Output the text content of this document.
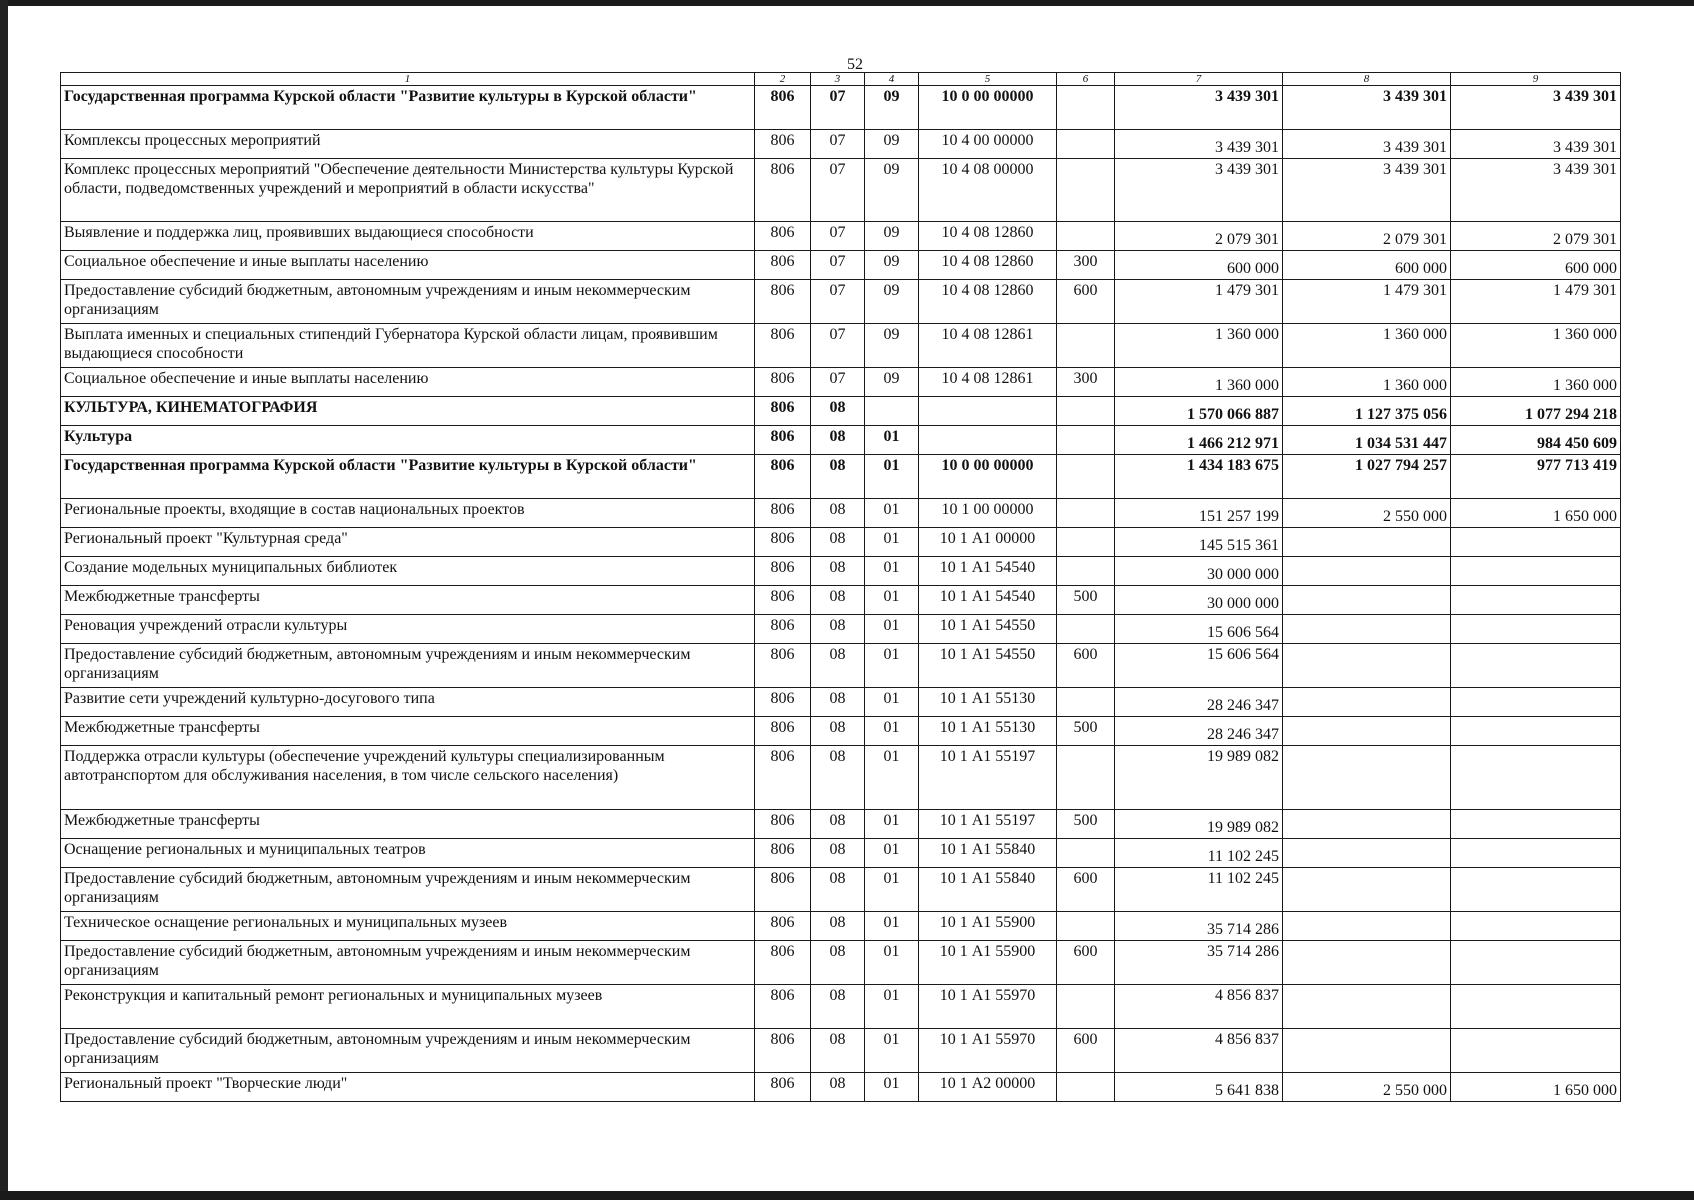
52
1	2	3	4	5	6	7	8	9
Государственная программа Курской области "Развитие культуры в Курской области"	806	07	09	10 0 00 00000		3 439 301	3 439 301	3 439 301
Комплексы процессных мероприятий	806	07	09	10 4 00 00000		3 439 301	3 439 301	3 439 301
Комплекс процессных мероприятий "Обеспечение деятельности Министерства культуры Курской области, подведомственных учреждений и мероприятий в области искусства"	806	07	09	10 4 08 00000		3 439 301	3 439 301	3 439 301
Выявление и поддержка лиц, проявивших выдающиеся способности	806	07	09	10 4 08 12860		2 079 301	2 079 301	2 079 301
Социальное обеспечение и иные выплаты населению	806	07	09	10 4 08 12860	300	600 000	600 000	600 000
Предоставление субсидий бюджетным, автономным учреждениям и иным некоммерческим организациям	806	07	09	10 4 08 12860	600	1 479 301	1 479 301	1 479 301
Выплата именных и специальных стипендий Губернатора Курской области лицам, проявившим выдающиеся способности	806	07	09	10 4 08 12861		1 360 000	1 360 000	1 360 000
Социальное обеспечение и иные выплаты населению	806	07	09	10 4 08 12861	300	1 360 000	1 360 000	1 360 000
КУЛЬТУРА, КИНЕМАТОГРАФИЯ	806	08				1 570 066 887	1 127 375 056	1 077 294 218
Культура	806	08	01			1 466 212 971	1 034 531 447	984 450 609
Государственная программа Курской области "Развитие культуры в Курской области"	806	08	01	10 0 00 00000		1 434 183 675	1 027 794 257	977 713 419
Региональные проекты, входящие в состав национальных проектов	806	08	01	10 1 00 00000		151 257 199	2 550 000	1 650 000
Региональный проект "Культурная среда"	806	08	01	10 1 А1 00000		145 515 361		
Создание модельных муниципальных библиотек	806	08	01	10 1 А1 54540		30 000 000		
Межбюджетные трансферты	806	08	01	10 1 А1 54540	500	30 000 000		
Реновация учреждений отрасли культуры	806	08	01	10 1 А1 54550		15 606 564		
Предоставление субсидий бюджетным, автономным учреждениям и иным некоммерческим организациям	806	08	01	10 1 А1 54550	600	15 606 564		
Развитие сети учреждений культурно-досугового типа	806	08	01	10 1 А1 55130		28 246 347		
Межбюджетные трансферты	806	08	01	10 1 А1 55130	500	28 246 347		
Поддержка отрасли культуры (обеспечение учреждений культуры специализированным автотранспортом для обслуживания населения, в том числе сельского населения)	806	08	01	10 1 А1 55197		19 989 082		
Межбюджетные трансферты	806	08	01	10 1 А1 55197	500	19 989 082		
Оснащение региональных и муниципальных театров	806	08	01	10 1 А1 55840		11 102 245		
Предоставление субсидий бюджетным, автономным учреждениям и иным некоммерческим организациям	806	08	01	10 1 А1 55840	600	11 102 245		
Техническое оснащение региональных и муниципальных музеев	806	08	01	10 1 А1 55900		35 714 286		
Предоставление субсидий бюджетным, автономным учреждениям и иным некоммерческим организациям	806	08	01	10 1 А1 55900	600	35 714 286		
Реконструкция и капитальный ремонт региональных и муниципальных музеев	806	08	01	10 1 А1 55970		4 856 837		
Предоставление субсидий бюджетным, автономным учреждениям и иным некоммерческим организациям	806	08	01	10 1 А1 55970	600	4 856 837		
Региональный проект "Творческие люди"	806	08	01	10 1 А2 00000		5 641 838	2 550 000	1 650 000
